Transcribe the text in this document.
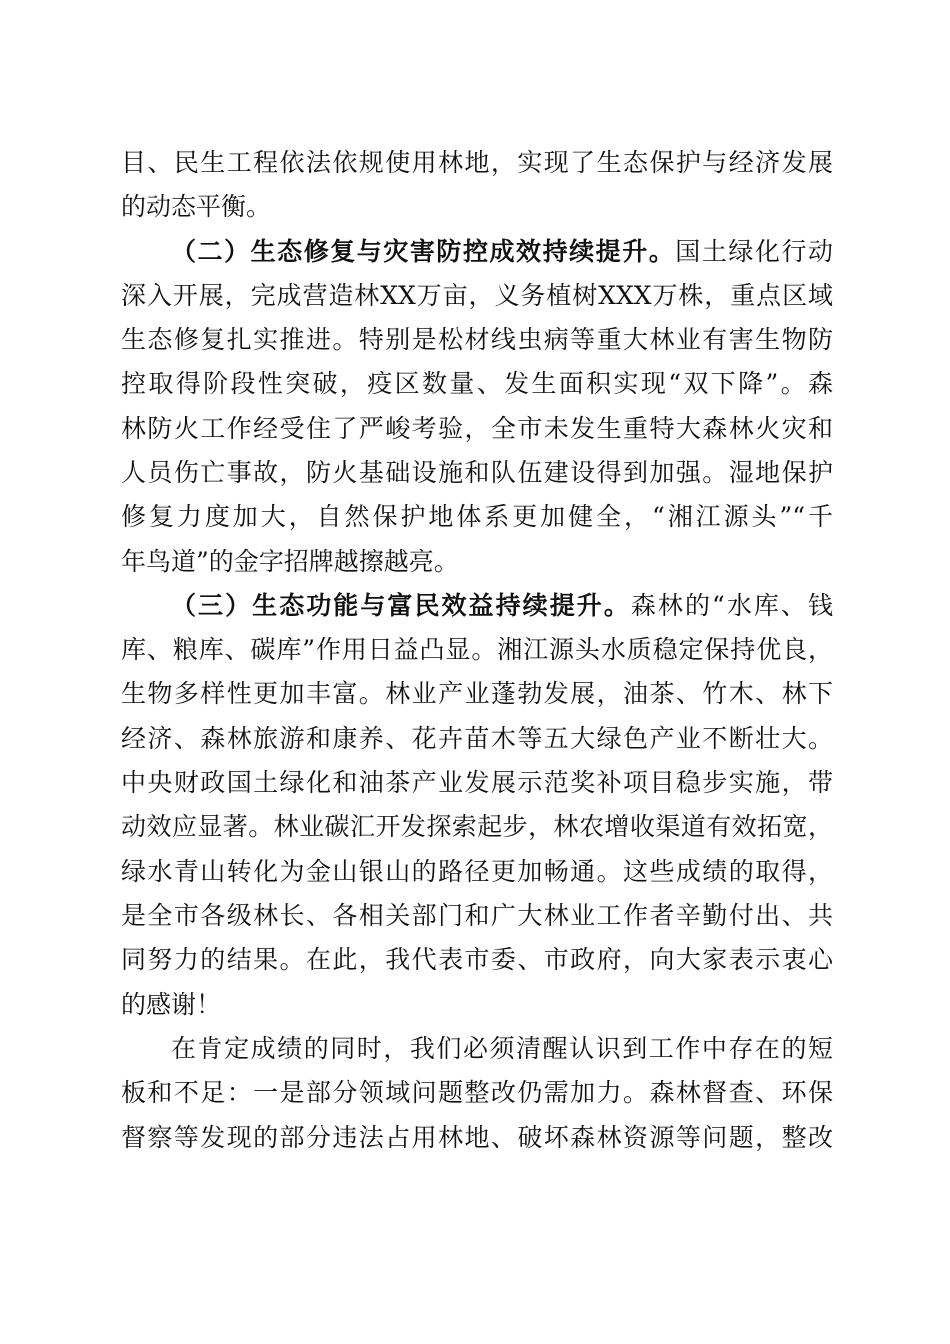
目、民生工程依法依规使用林地，实现了生态保护与经济发展
的动态平衡。
（二）生态修复与灾害防控成效持续提升。国土绿化行动
深入开展，完成营造林XX万亩，义务植树XXX万株，重点区域
生态修复扎实推进。特别是松材线虫病等重大林业有害生物防
控取得阶段性突破，疫区数量、发生面积实现“双下降”。森
林防火工作经受住了严峻考验，全市未发生重特大森林火灾和
人员伤亡事故，防火基础设施和队伍建设得到加强。湿地保护
修复力度加大，自然保护地体系更加健全，“湘江源头”“千
年鸟道”的金字招牌越擦越亮。
（三）生态功能与富民效益持续提升。森林的“水库、钱
库、粮库、碳库”作用日益凸显。湘江源头水质稳定保持优良，
生物多样性更加丰富。林业产业蓬勃发展，油茶、竹木、林下
经济、森林旅游和康养、花卉苗木等五大绿色产业不断壮大。
中央财政国土绿化和油茶产业发展示范奖补项目稳步实施，带
动效应显著。林业碳汇开发探索起步，林农增收渠道有效拓宽，
绿水青山转化为金山银山的路径更加畅通。这些成绩的取得，
是全市各级林长、各相关部门和广大林业工作者辛勤付出、共
同努力的结果。在此，我代表市委、市政府，向大家表示衷心
的感谢！
在肯定成绩的同时，我们必须清醒认识到工作中存在的短
板和不足：一是部分领域问题整改仍需加力。森林督查、环保
督察等发现的部分违法占用林地、破坏森林资源等问题，整改
